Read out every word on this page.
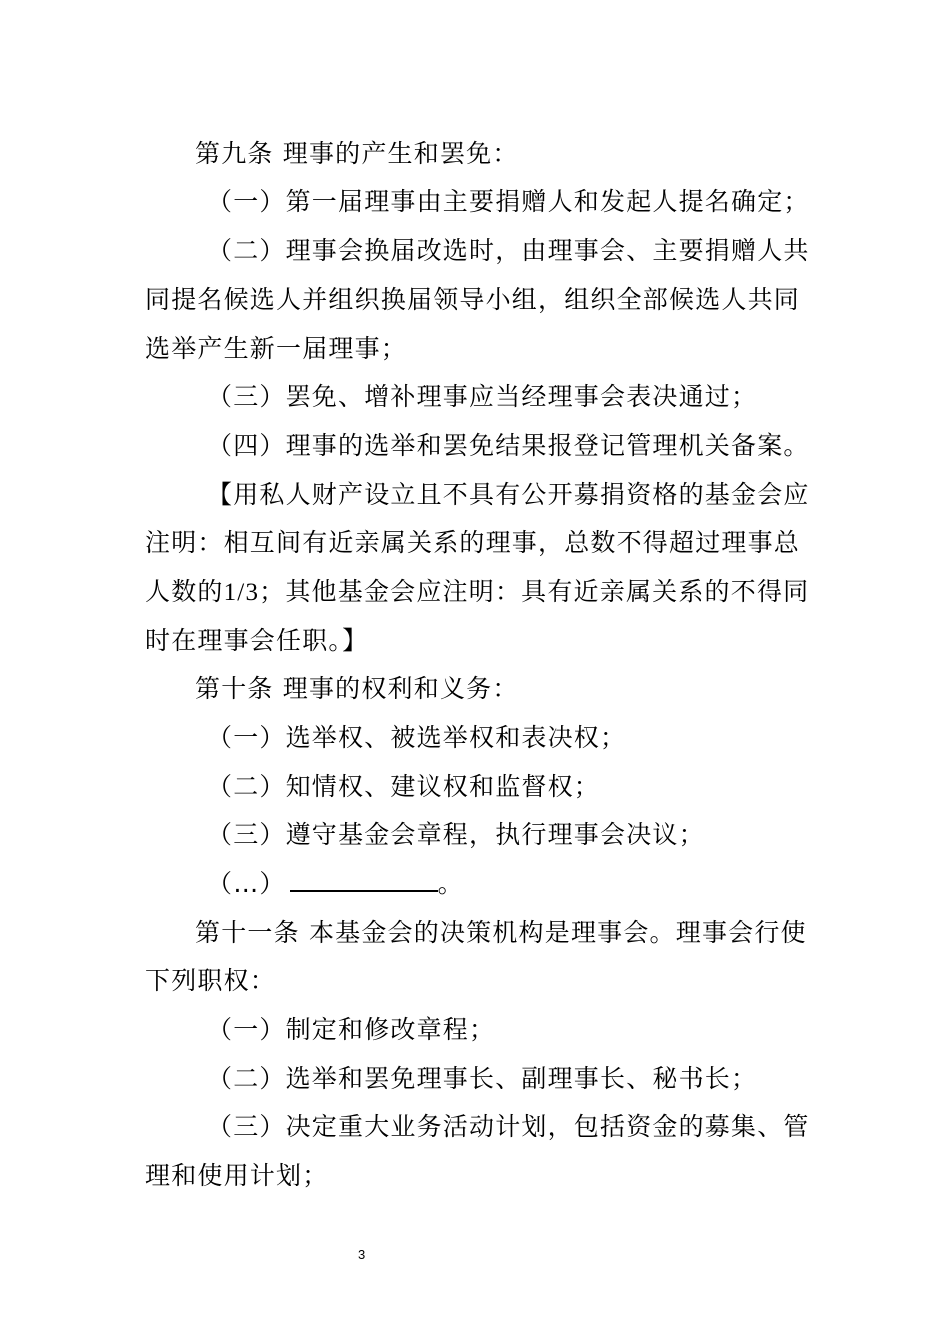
第九条 理事的产生和罢免：
（一）第一届理事由主要捐赠人和发起人提名确定；
（二）理事会换届改选时，由理事会、主要捐赠人共
同提名候选人并组织换届领导小组，组织全部候选人共同
选举产生新一届理事；
（三）罢免、增补理事应当经理事会表决通过；
（四）理事的选举和罢免结果报登记管理机关备案。
【用私人财产设立且不具有公开募捐资格的基金会应
注明：相互间有近亲属关系的理事，总数不得超过理事总
人数的1/3；其他基金会应注明：具有近亲属关系的不得同
时在理事会任职。】
第十条 理事的权利和义务：
（一）选举权、被选举权和表决权；
（二）知情权、建议权和监督权；
（三）遵守基金会章程，执行理事会决议；
（…）	。
第十一条 本基金会的决策机构是理事会。理事会行使
下列职权：
（一）制定和修改章程；
（二）选举和罢免理事长、副理事长、秘书长；
（三）决定重大业务活动计划，包括资金的募集、管
理和使用计划；
3
